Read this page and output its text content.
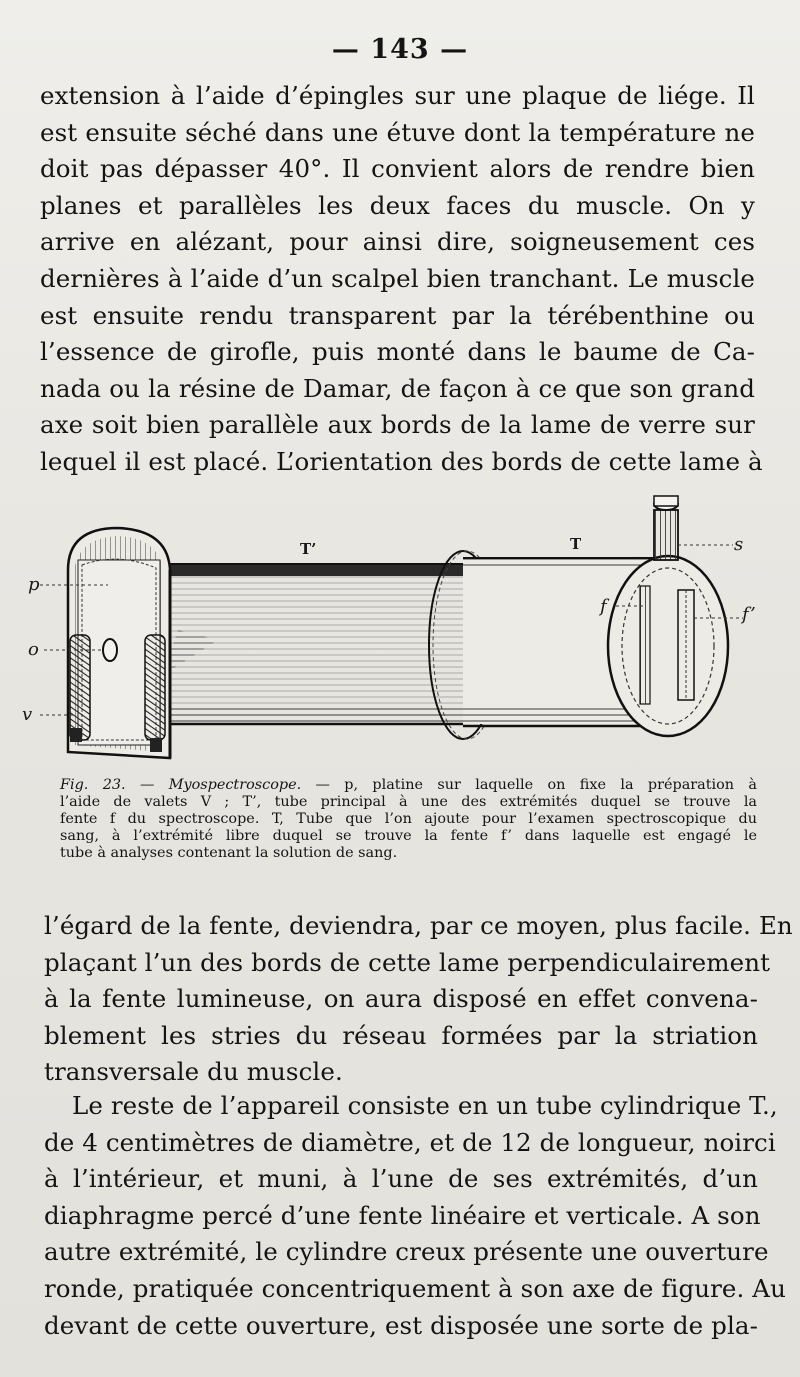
— 143 —
extension à l’aide d’épingles sur une plaque de liége. Il
est ensuite séché dans une étuve dont la température ne
doit pas dépasser 40°. Il convient alors de rendre bien
planes et parallèles les deux faces du muscle. On y
arrive en alézant, pour ainsi dire, soigneusement ces
dernières à l’aide d’un scalpel bien tranchant. Le muscle
est ensuite rendu transparent par la térébenthine ou
l’essence de girofle, puis monté dans le baume de Ca-
nada ou la résine de Damar, de façon à ce que son grand
axe soit bien parallèle aux bords de la lame de verre sur
lequel il est placé. L’orientation des bords de cette lame à
p
o
v
T’	T	s
f	f’
Fig. 23. — Myospectroscope. — p, platine sur laquelle on fixe la préparation à
l’aide de valets V ; T’, tube principal à une des extrémités duquel se trouve la
fente f du spectroscope. T, Tube que l’on ajoute pour l’examen spectroscopique du
sang, à l’extrémité libre duquel se trouve la fente f’ dans laquelle est engagé le
tube à analyses contenant la solution de sang.
l’égard de la fente, deviendra, par ce moyen, plus facile. En
plaçant l’un des bords de cette lame perpendiculairement
à la fente lumineuse, on aura disposé en effet convena-
blement les stries du réseau formées par la striation
transversale du muscle.
Le reste de l’appareil consiste en un tube cylindrique T.,
de 4 centimètres de diamètre, et de 12 de longueur, noirci
à l’intérieur, et muni, à l’une de ses extrémités, d’un
diaphragme percé d’une fente linéaire et verticale. A son
autre extrémité, le cylindre creux présente une ouverture
ronde, pratiquée concentriquement à son axe de figure. Au
devant de cette ouverture, est disposée une sorte de pla-
